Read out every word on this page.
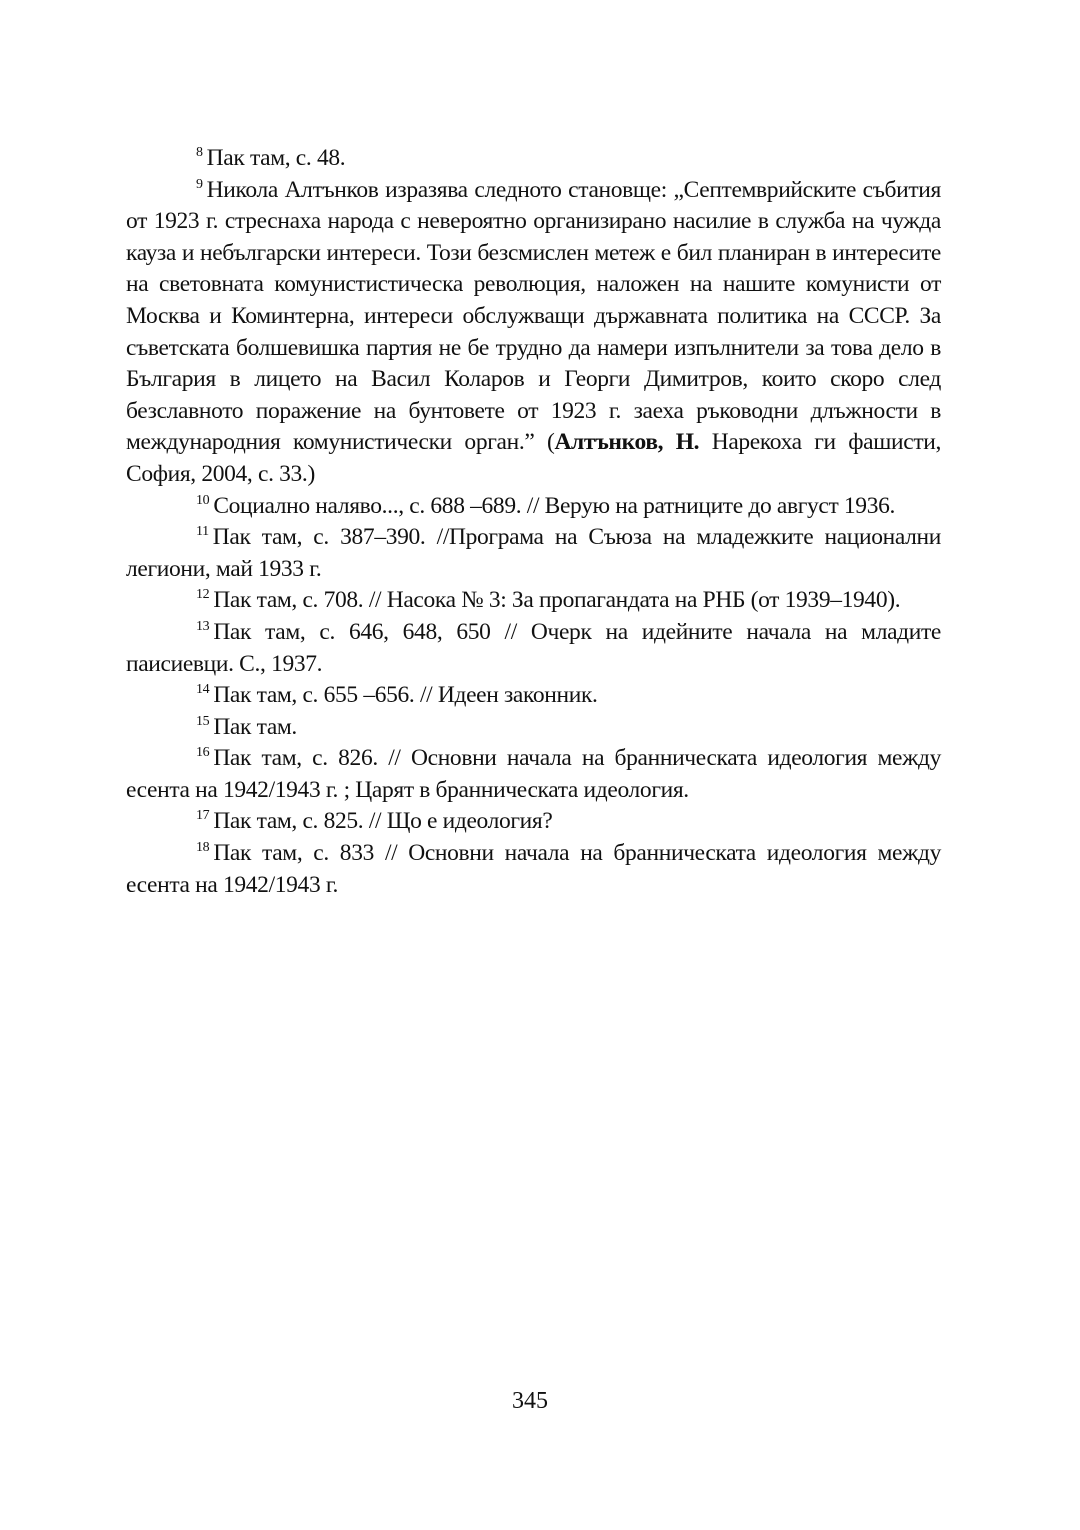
$^8$ Пак там, с. 48.

$^9$ Никола Алтънков изразява следното становще: „Септемврийските събития от 1923 г. стреснаха народа с невероятно организирано насилие в служба на чужда кауза и небългарски интереси. Този безсмислен метеж е бил планиран в интересите на световната комунистистическа революция, наложен на нашите комунисти от Москва и Коминтерна, интереси обслужващи държавната политика на СССР. За съветската болшевишка партия не бе трудно да намери изпълнители за това дело в България в лицето на Васил Коларов и Георги Димитров, които скоро след безславното поражение на бунтовете от 1923 г. заеха ръководни длъжности в международния комунистически орган.” (Алтънков, Н. Нарекоха ги фашисти, София, 2004, с. 33.)

$^{10}$ Социално наляво..., с. 688 –689. // Верую на ратниците до август 1936.

$^{11}$ Пак там, с. 387–390. //Програма на Съюза на младежките национални легиони, май 1933 г.

$^{12}$ Пак там, с. 708. // Насока № 3: За пропагандата на РНБ (от 1939–1940).

$^{13}$ Пак там, с. 646, 648, 650 // Очерк на идейните начала на младите паисиевци. С., 1937.

$^{14}$ Пак там, с. 655 –656. // Идеен законник.

$^{15}$ Пак там.

$^{16}$ Пак там, с. 826. // Основни начала на бранническата идеология между есента на 1942/1943 г. ; Царят в бранническата идеология.

$^{17}$ Пак там, с. 825. // Що е идеология?

$^{18}$ Пак там, с. 833 // Основни начала на бранническата идеология между есента на 1942/1943 г.

345
